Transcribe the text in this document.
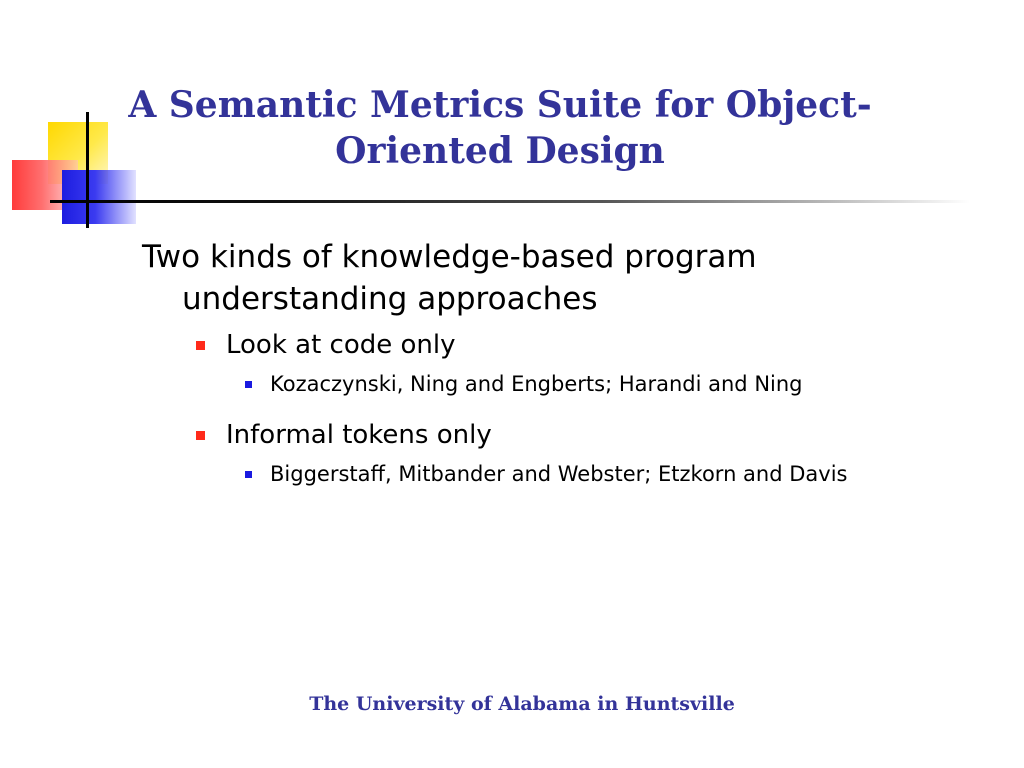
A Semantic Metrics Suite for Object-Oriented Design

Two kinds of knowledge-based program understanding approaches

Look at code only
Kozaczynski, Ning and Engberts; Harandi and Ning
Informal tokens only
Biggerstaff, Mitbander and Webster; Etzkorn and Davis
The University of Alabama in Huntsville
